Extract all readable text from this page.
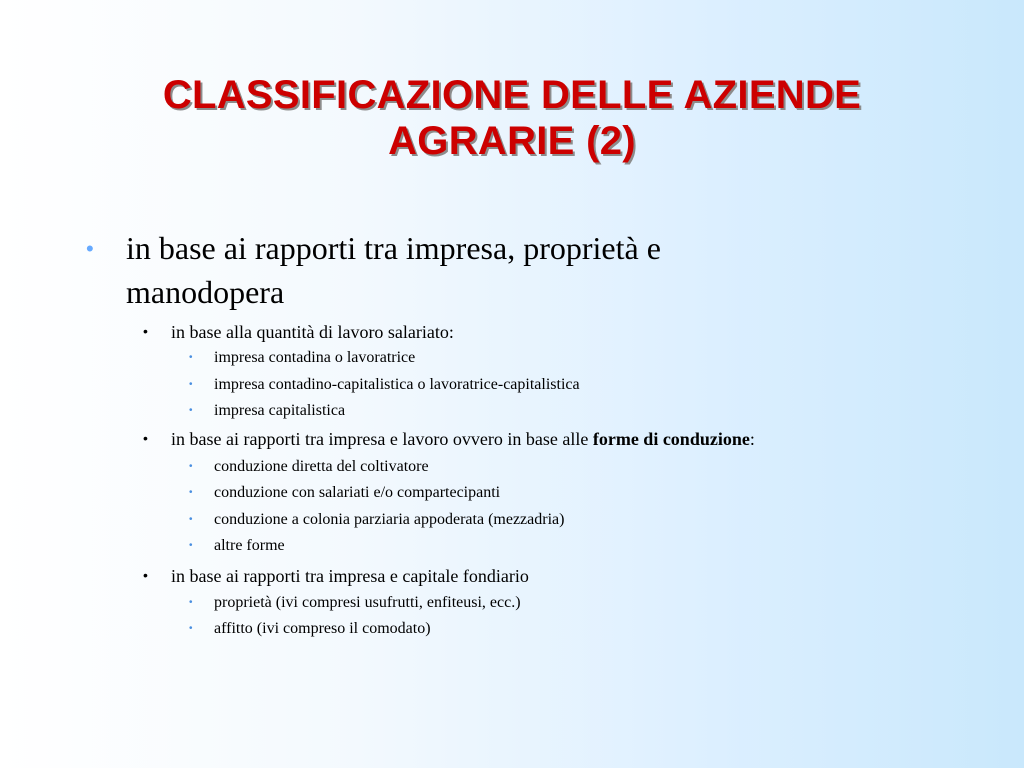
CLASSIFICAZIONE DELLE AZIENDE
AGRARIE (2)
• in base ai rapporti tra impresa, proprietà e
manodopera
• in base alla quantità di lavoro salariato:
• impresa contadina o lavoratrice
• impresa contadino-capitalistica o lavoratrice-capitalistica
• impresa capitalistica
• in base ai rapporti tra impresa e lavoro ovvero in base alle forme di conduzione:
• conduzione diretta del coltivatore
• conduzione con salariati e/o compartecipanti
• conduzione a colonia parziaria appoderata (mezzadria)
• altre forme
• in base ai rapporti tra impresa e capitale fondiario
• proprietà (ivi compresi usufrutti, enfiteusi, ecc.)
• affitto (ivi compreso il comodato)
